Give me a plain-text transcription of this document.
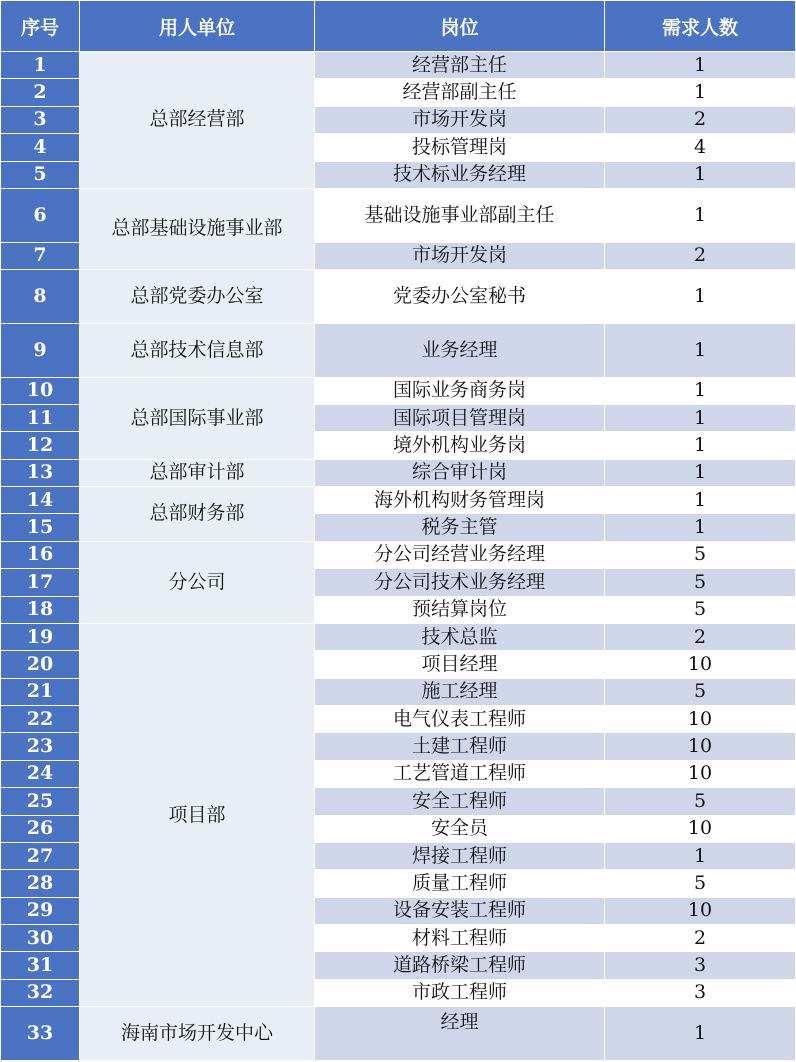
序号	用人单位	岗位	需求人数
1	总部经营部	经营部主任	1
2		经营部副主任	1
3		市场开发岗	2
4		投标管理岗	4
5		技术标业务经理	1
6	总部基础设施事业部	基础设施事业部副主任	1
7		市场开发岗	2
8	总部党委办公室	党委办公室秘书	1
9	总部技术信息部	业务经理	1
10	总部国际事业部	国际业务商务岗	1
11		国际项目管理岗	1
12		境外机构业务岗	1
13	总部审计部	综合审计岗	1
14	总部财务部	海外机构财务管理岗	1
15		税务主管	1
16	分公司	分公司经营业务经理	5
17		分公司技术业务经理	5
18		预结算岗位	5
19	项目部	技术总监	2
20		项目经理	10
21		施工经理	5
22		电气仪表工程师	10
23		土建工程师	10
24		工艺管道工程师	10
25		安全工程师	5
26		安全员	10
27		焊接工程师	1
28		质量工程师	5
29		设备安装工程师	10
30		材料工程师	2
31		道路桥梁工程师	3
32		市政工程师	3
33	海南市场开发中心	经理	1
